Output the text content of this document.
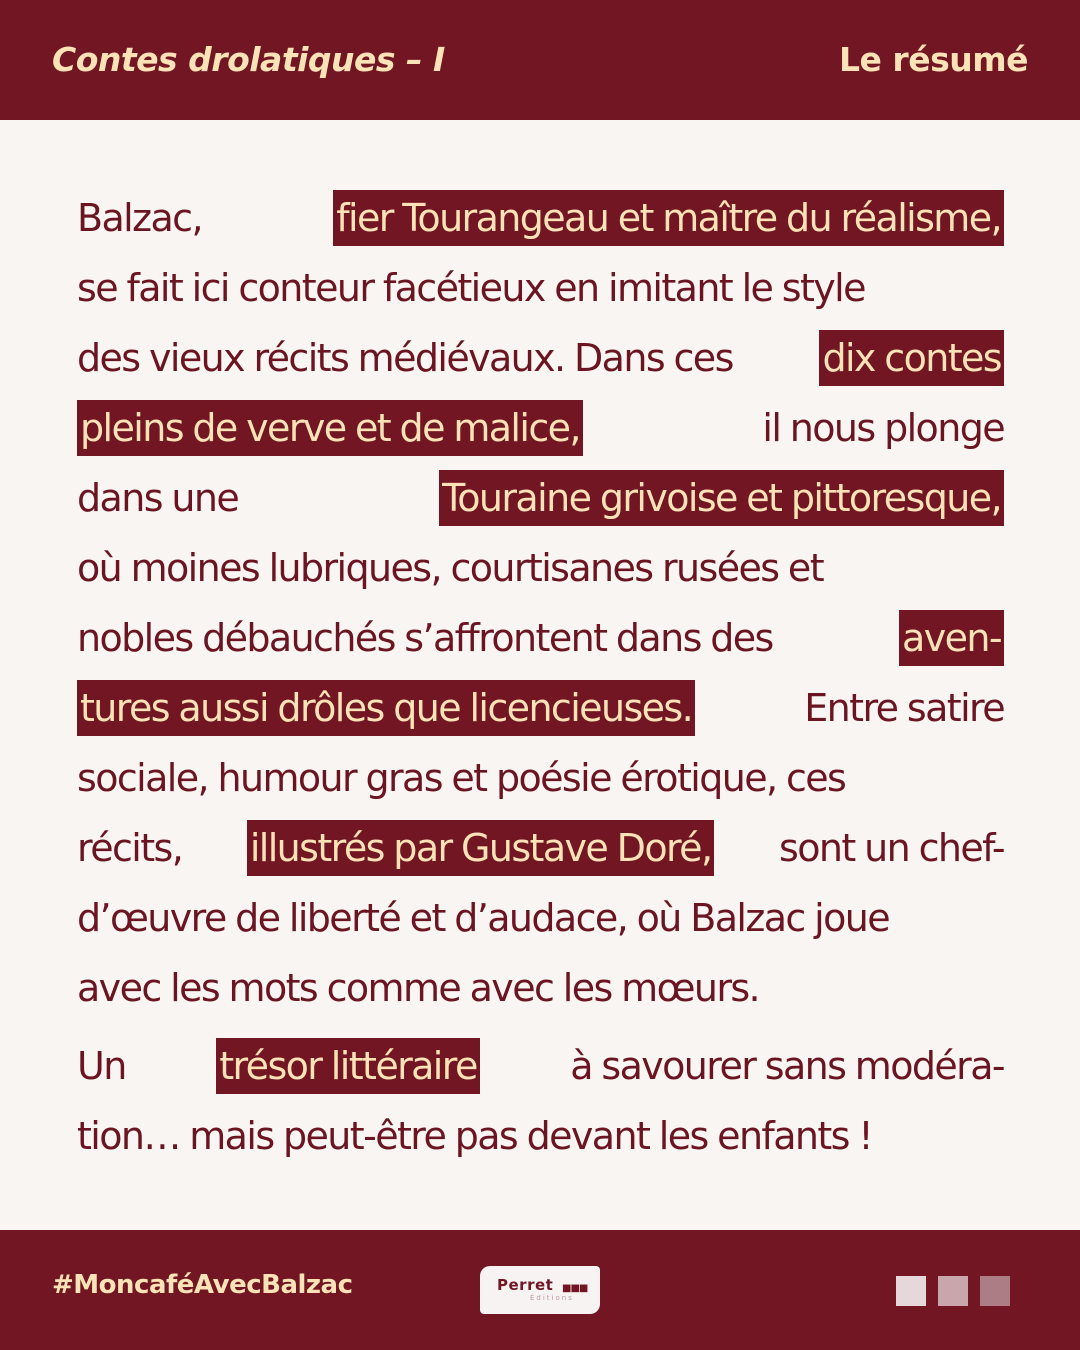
Contes drolatiques – I	Le résumé
Balzac,	fier Tourangeau et maître du réalisme,
se fait ici conteur facétieux en imitant le style
des vieux récits médiévaux. Dans ces dix contes
pleins de verve et de malice,	il nous plonge
dans une	Touraine grivoise et pittoresque,
où moines lubriques, courtisanes rusées et
nobles débauchés s’affrontent dans des	aven-
tures aussi drôles que licencieuses.	Entre satire
sociale, humour gras et poésie érotique, ces
récits, illustrés par Gustave Doré, sont un chef-
d’œuvre de liberté et d’audace, où Balzac joue
avec les mots comme avec les mœurs.
Un trésor littéraire à savourer sans modéra-
tion… mais peut-être pas devant les enfants !
#MoncaféAvecBalzac	Perret ■■■
Éditions
